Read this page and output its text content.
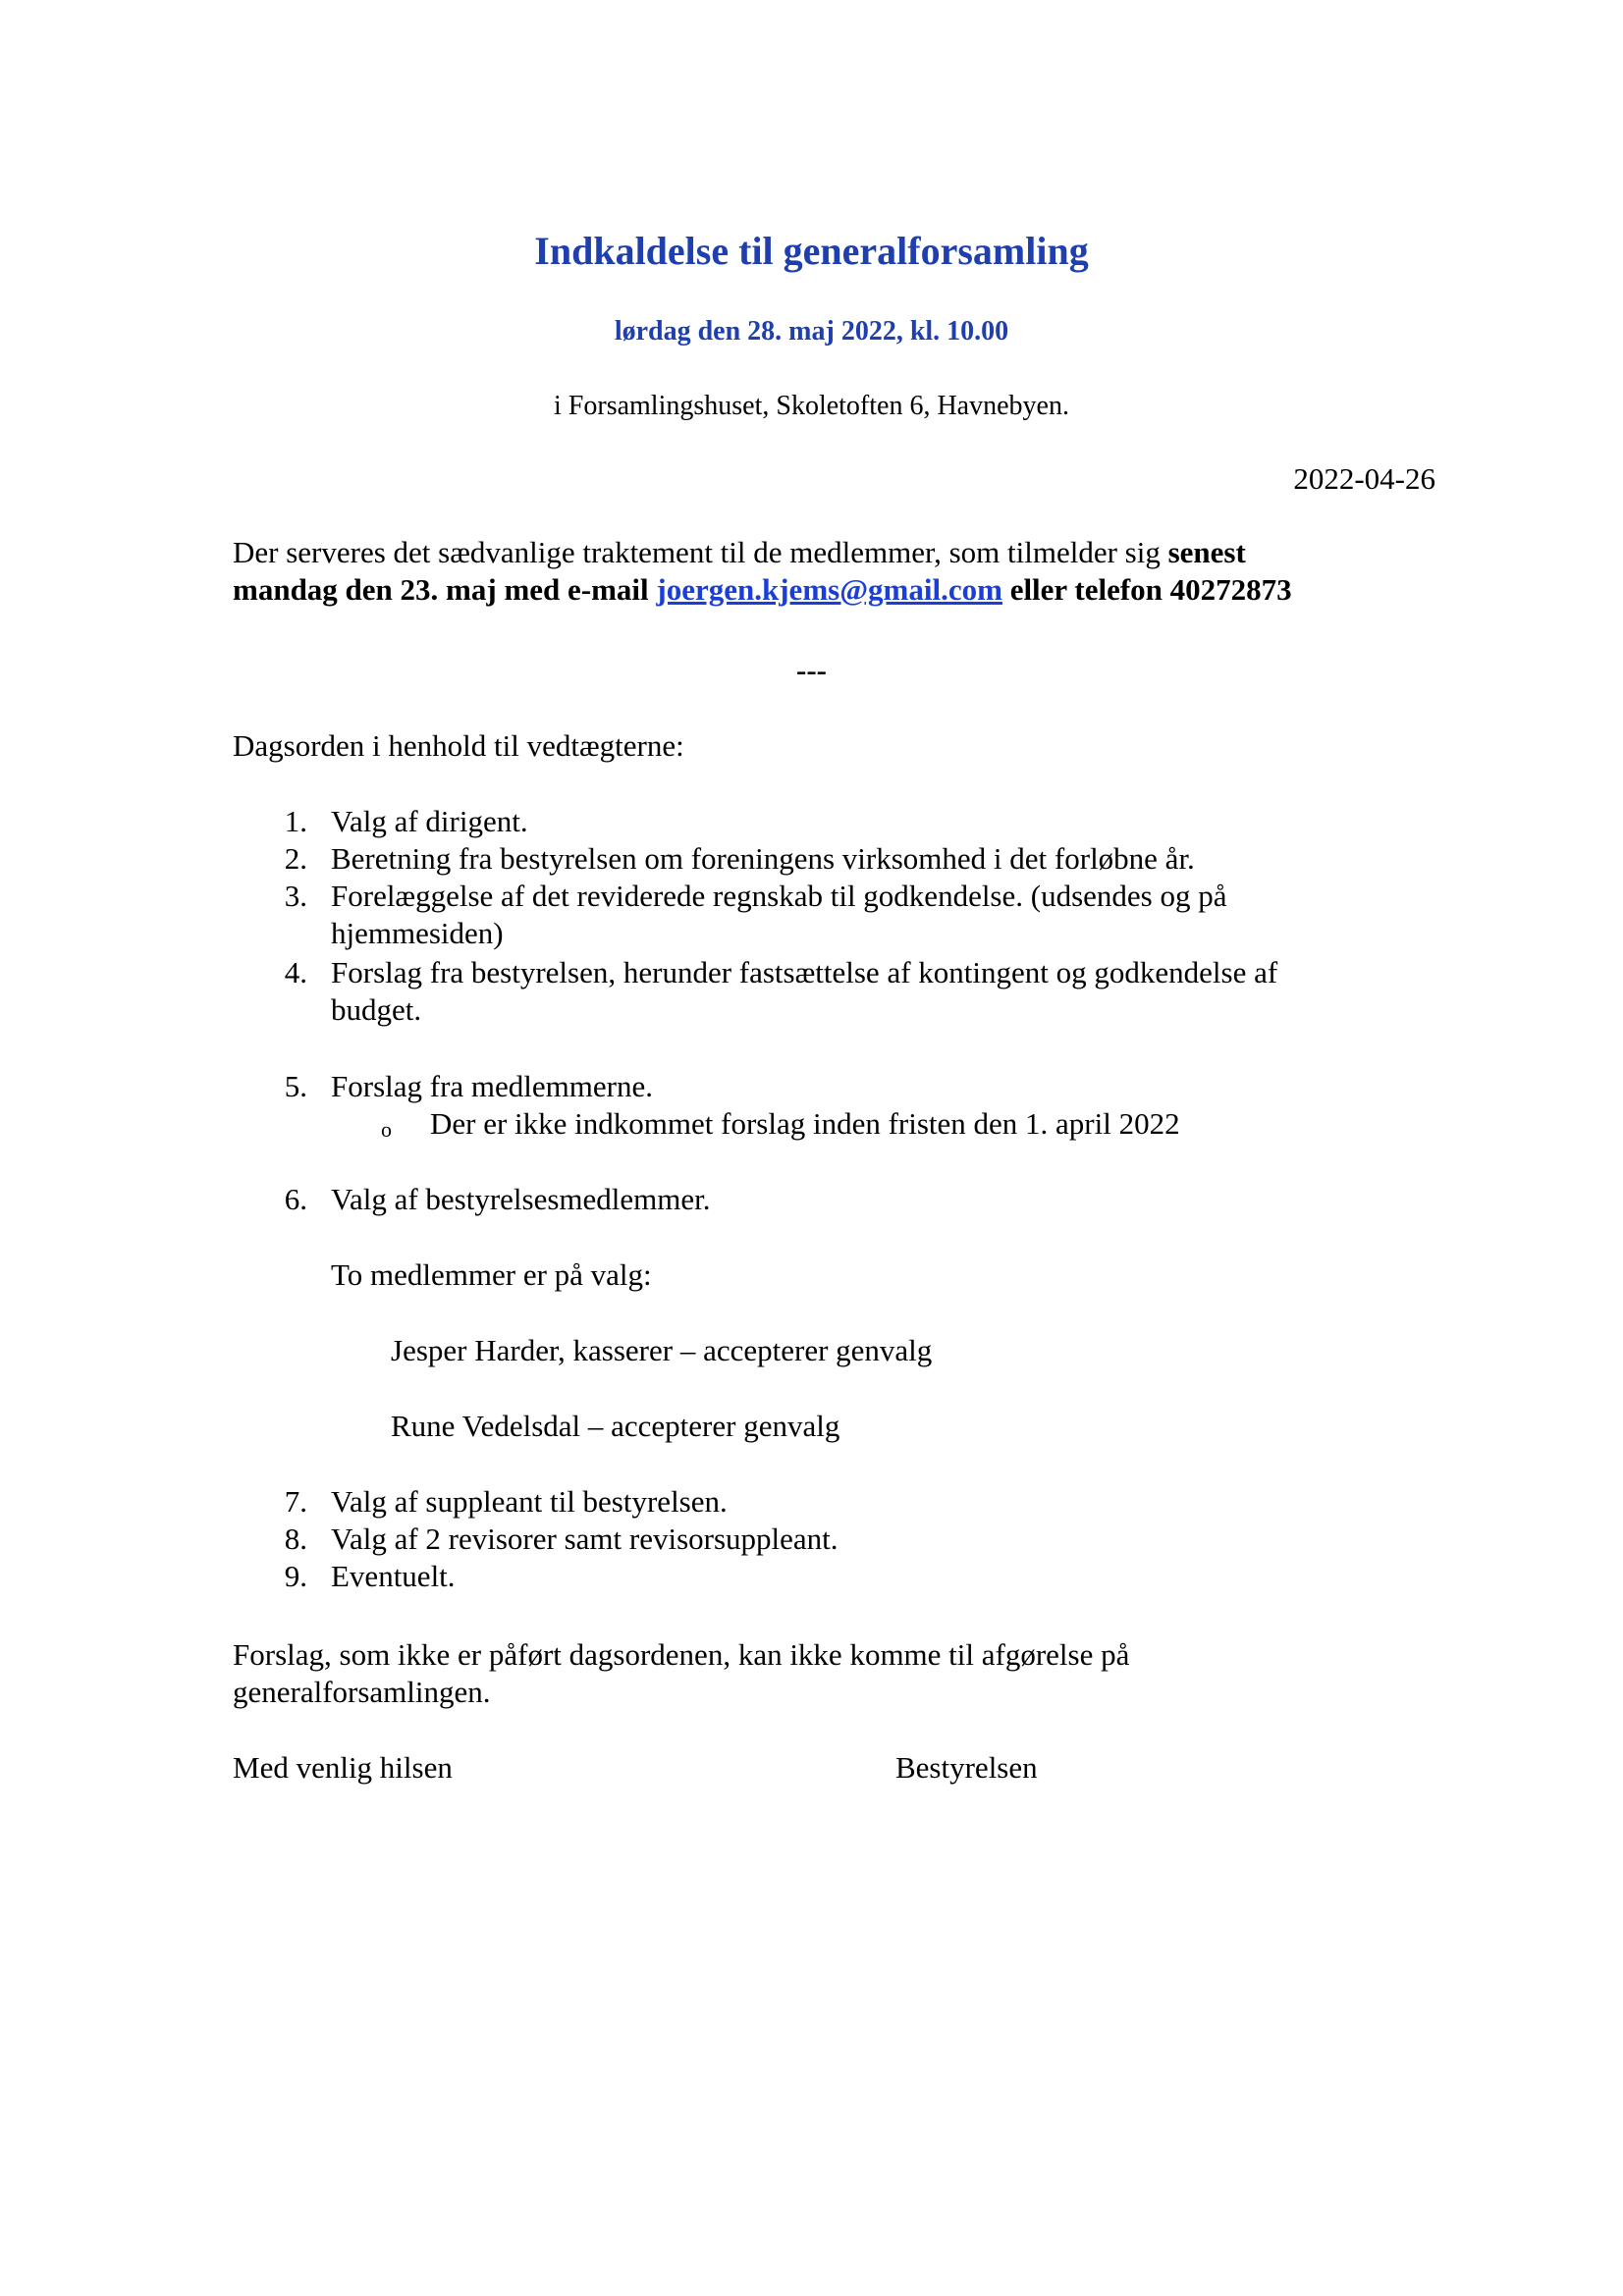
Indkaldelse til generalforsamling
lørdag den 28. maj 2022, kl. 10.00
i Forsamlingshuset, Skoletoften 6, Havnebyen.
2022-04-26
Der serveres det sædvanlige traktement til de medlemmer, som tilmelder sig senest
mandag den 23. maj med e-mail joergen.kjems@gmail.com eller telefon 40272873
---
Dagsorden i henhold til vedtægterne:
1. Valg af dirigent.
2. Beretning fra bestyrelsen om foreningens virksomhed i det forløbne år.
3. Forelæggelse af det reviderede regnskab til godkendelse. (udsendes og på
hjemmesiden)
4. Forslag fra bestyrelsen, herunder fastsættelse af kontingent og godkendelse af
budget.
5. Forslag fra medlemmerne.
o Der er ikke indkommet forslag inden fristen den 1. april 2022
6. Valg af bestyrelsesmedlemmer.
To medlemmer er på valg:
Jesper Harder, kasserer – accepterer genvalg
Rune Vedelsdal – accepterer genvalg
7. Valg af suppleant til bestyrelsen.
8. Valg af 2 revisorer samt revisorsuppleant.
9. Eventuelt.
Forslag, som ikke er påført dagsordenen, kan ikke komme til afgørelse på
generalforsamlingen.
Med venlig hilsen	Bestyrelsen
